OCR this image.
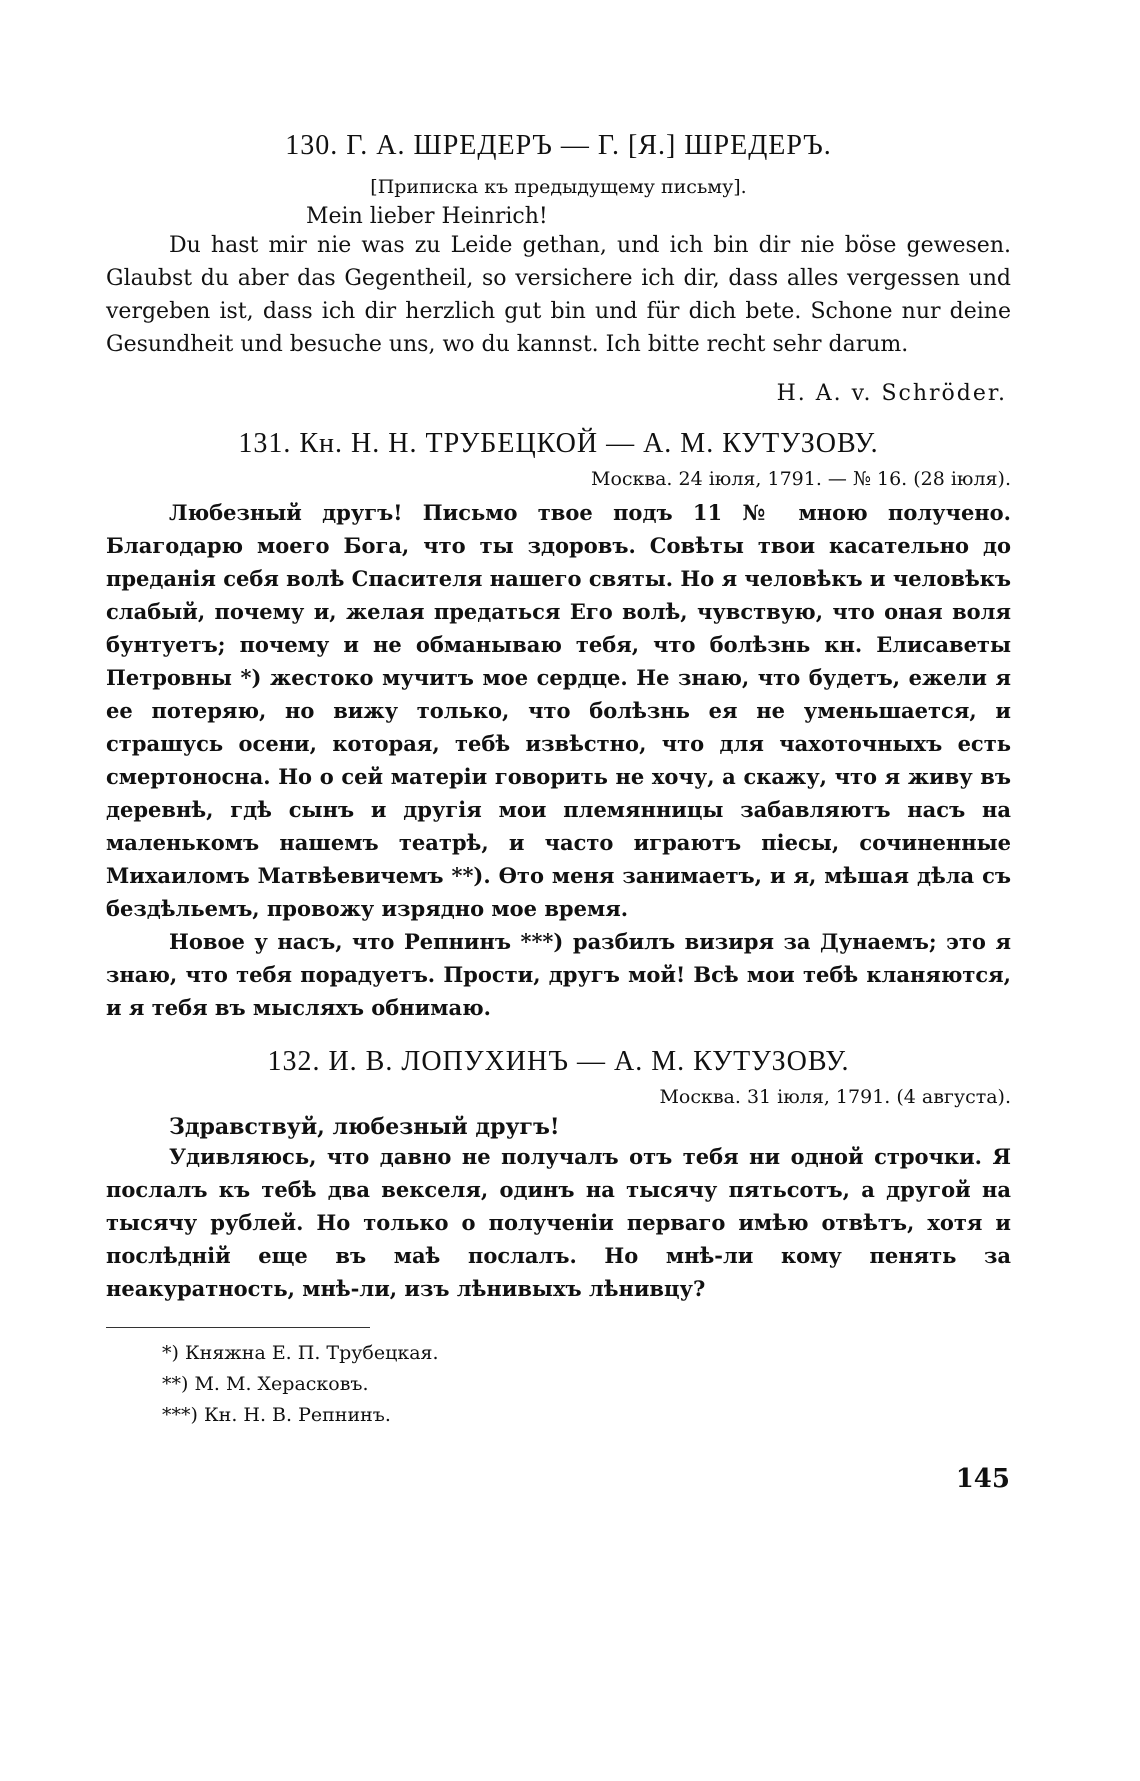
130. Г. А. ШРЕДЕРЪ — Г. [Я.] ШРЕДЕРЪ.
[Приписка къ предыдущему письму].
Mein lieber Heinrich!

Du hast mir nie was zu Leide gethan, und ich bin dir nie böse gewesen. Glaubst du aber das Gegentheil, so versichere ich dir, dass alles vergessen und vergeben ist, dass ich dir herzlich gut bin und für dich bete. Schone nur deine Gesundheit und besuche uns, wo du kannst. Ich bitte recht sehr darum.

H. A. v. Schröder.
131. Кн. Н. Н. ТРУБЕЦКОЙ — А. М. КУТУЗОВУ.
Москва. 24 іюля, 1791. — № 16. (28 іюля).

Любезный другъ! Письмо твое подъ 11 № мною получено. Благодарю моего Бога, что ты здоровъ. Совѣты твои касательно до преданія себя волѣ Спасителя нашего святы. Но я человѣкъ и человѣкъ слабый, почему и, желая предаться Его волѣ, чувствую, что оная воля бунтуетъ; почему и не обманываю тебя, что болѣзнь кн. Елисаветы Петровны *) жестоко мучитъ мое сердце. Не знаю, что будетъ, ежели я ее потеряю, но вижу только, что болѣзнь ея не уменьшается, и страшусь осени, которая, тебѣ извѣстно, что для чахоточныхъ есть смертоносна. Но о сей матеріи говорить не хочу, а скажу, что я живу въ деревнѣ, гдѣ сынъ и другія мои племянницы забавляютъ насъ на маленькомъ нашемъ театрѣ, и часто играютъ піесы, сочиненные Михаиломъ Матвѣевичемъ **). Ѳто меня занимаетъ, и я, мѣшая дѣла съ бездѣльемъ, провожу изрядно мое время.

Новое у насъ, что Репнинъ ***) разбилъ визиря за Дунаемъ; это я знаю, что тебя порадуетъ. Прости, другъ мой! Всѣ мои тебѣ кланяются, и я тебя въ мысляхъ обнимаю.

132. И. В. ЛОПУХИНЪ — А. М. КУТУЗОВУ.
Москва. 31 іюля, 1791. (4 августа).
Здравствуй, любезный другъ!

Удивляюсь, что давно не получалъ отъ тебя ни одной строчки. Я послалъ къ тебѣ два векселя, одинъ на тысячу пятьсотъ, а другой на тысячу рублей. Но только о полученіи перваго имѣю отвѣтъ, хотя и послѣдній еще въ маѣ послалъ. Но мнѣ-ли кому пенять за неакуратность, мнѣ-ли, изъ лѣнивыхъ лѣнивцу?

*) Княжна Е. П. Трубецкая.
**) М. М. Херасковъ.
***) Кн. Н. В. Репнинъ.
145
